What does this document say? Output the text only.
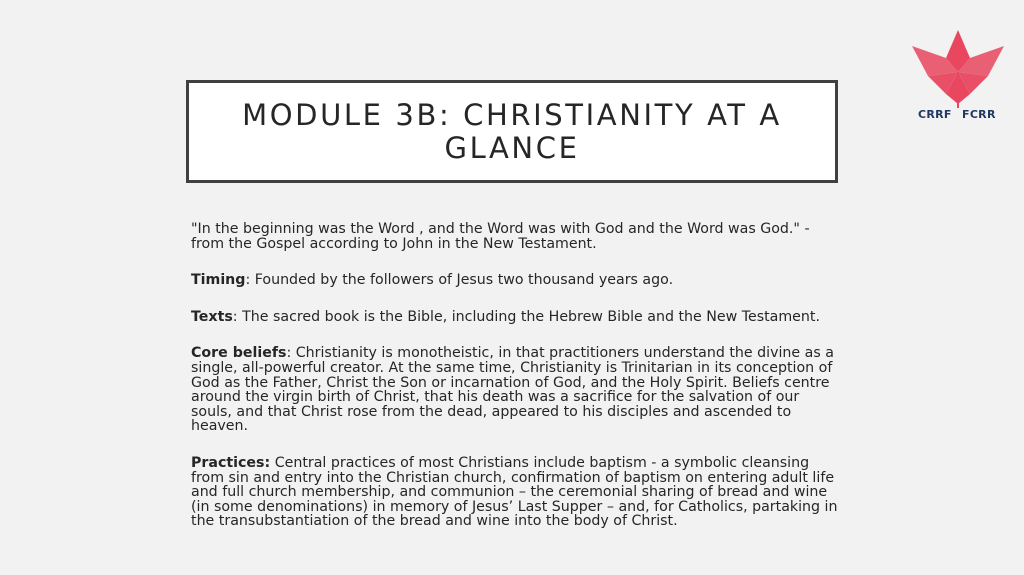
CRRF FCRR
MODULE 3B: CHRISTIANITY AT A GLANCE

"In the beginning was the Word , and the Word was with God and the Word was God." - from the Gospel according to John in the New Testament.

Timing: Founded by the followers of Jesus two thousand years ago.

Texts: The sacred book is the Bible, including the Hebrew Bible and the New Testament.

Core beliefs: Christianity is monotheistic, in that practitioners understand the divine as a single, all-powerful creator. At the same time, Christianity is Trinitarian in its conception of God as the Father, Christ the Son or incarnation of God, and the Holy Spirit. Beliefs centre around the virgin birth of Christ, that his death was a sacrifice for the salvation of our souls, and that Christ rose from the dead, appeared to his disciples and ascended to heaven.

Practices: Central practices of most Christians include baptism - a symbolic cleansing from sin and entry into the Christian church, confirmation of baptism on entering adult life and full church membership, and communion – the ceremonial sharing of bread and wine (in some denominations) in memory of Jesus’ Last Supper – and, for Catholics, partaking in the transubstantiation of the bread and wine into the body of Christ.
